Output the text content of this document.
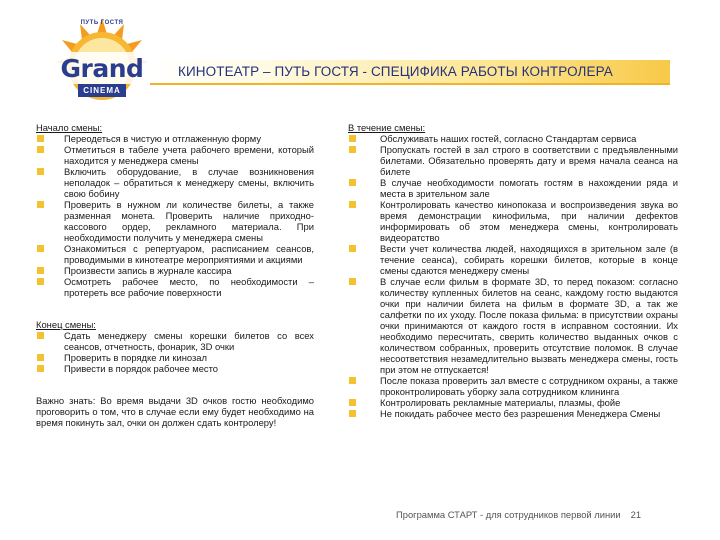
ПУТЬ ГОСТЯ
Grand
CINEMA
КИНОТЕАТР – ПУТЬ ГОСТЯ - СПЕЦИФИКА РАБОТЫ КОНТРОЛЕРА
Начало смены:
Переодеться в чистую и отглаженную форму
Отметиться в табеле учета рабочего времени, который находится у менеджера смены
Включить оборудование, в случае возникновения неполадок – обратиться к менеджеру смены, включить свою бобину
Проверить в нужном ли количестве билеты, а также разменная монета. Проверить наличие приходно-кассового ордер, рекламного материала. При необходимости получить у менеджера смены
Ознакомиться с репертуаром, расписанием сеансов, проводимыми в кинотеатре мероприятиями и акциями
Произвести запись в журнале кассира
Осмотреть рабочее место, по необходимости – протереть все рабочие поверхности
Конец смены:
Сдать менеджеру смены корешки билетов со всех сеансов, отчетность, фонарик, 3D очки
Проверить в порядке ли кинозал
Привести в порядок рабочее место
Важно знать: Во время выдачи 3D очков гостю необходимо проговорить о том, что в случае если ему будет необходимо на время покинуть зал, очки он должен сдать контролеру!
В течение смены:
Обслуживать наших гостей, согласно Стандартам сервиса
Пропускать гостей в зал строго в соответствии с предъявленными билетами. Обязательно проверять дату и время начала сеанса на билете
В случае необходимости помогать гостям в нахождении ряда и места в зрительном зале
Контролировать качество кинопоказа и воспроизведения звука во время демонстрации кинофильма, при наличии дефектов информировать об этом менеджера смены, контролировать видеоратство
Вести учет количества людей, находящихся в зрительном зале (в течение сеанса), собирать корешки билетов, которые в конце смены сдаются менеджеру смены
В случае если фильм в формате 3D, то перед показом: согласно количеству купленных билетов на сеанс, каждому гостю выдаются очки при наличии билета на фильм в формате 3D, а так же салфетки по их уходу. После показа фильма: в присутствии охраны очки принимаются от каждого гостя в исправном состоянии. Их необходимо пересчитать, сверить количество выданных очков с количеством собранных, проверить отсутствие поломок. В случае несоответствия незамедлительно вызвать менеджера смены, гость при этом не отпускается!
После показа проверить зал вместе с сотрудником охраны, а также проконтролировать уборку зала сотрудником клининга
Контролировать рекламные материалы, плазмы, фойе
Не покидать рабочее место без разрешения Менеджера Смены
Программа СТАРТ - для сотрудников первой линии 21
